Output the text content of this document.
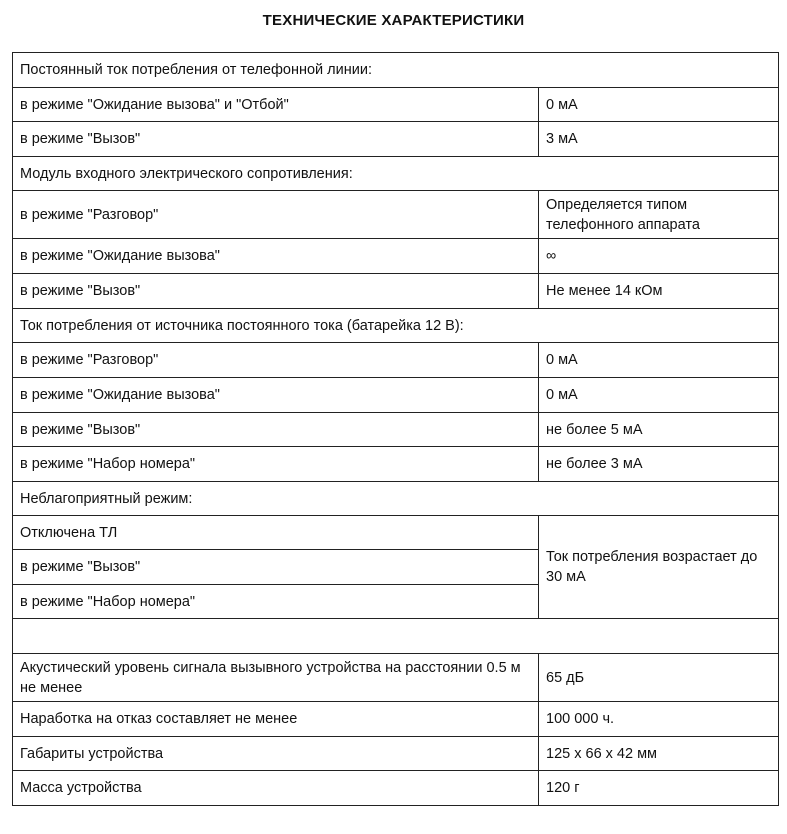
ТЕХНИЧЕСКИЕ ХАРАКТЕРИСТИКИ
Постоянный ток потребления от телефонной линии:	
в режиме "Ожидание вызова" и "Отбой"	0 мА
в режиме "Вызов"	3 мА
Модуль входного электрического сопротивления:	
в режиме "Разговор"	Определяется типом телефонного аппарата
в режиме "Ожидание вызова"	∞
в режиме "Вызов"	Не менее 14 кОм
Ток потребления от источника постоянного тока (батарейка 12 В):	
в режиме "Разговор"	0 мА
в режиме "Ожидание вызова"	0 мА
в режиме "Вызов"	не более 5 мА
в режиме "Набор номера"	не более 3 мА
Неблагоприятный режим:	
Отключена ТЛ	Ток потребления возрастает до 30 мА
в режиме "Вызов"	
в режиме "Набор номера"	

Акустический уровень сигнала вызывного устройства на расстоянии 0.5 м не менее	65 дБ
Наработка на отказ составляет не менее	100 000 ч.
Габариты устройства	125 х 66 х 42 мм
Масса устройства	120 г
